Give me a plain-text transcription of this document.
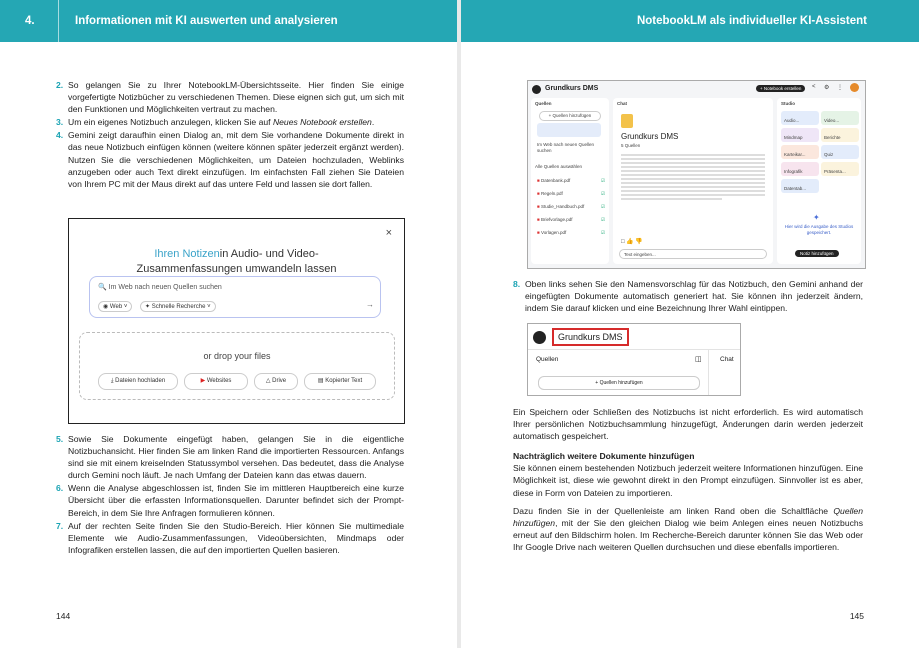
4.	Informationen mit KI auswerten und analysieren
2. So gelangen Sie zu Ihrer NotebookLM-Übersichtsseite. Hier finden Sie einige vorgefertigte Notizbücher zu verschiedenen Themen. Diese eignen sich gut, um sich mit den Funktionen und Möglichkeiten vertraut zu machen.
3. Um ein eigenes Notizbuch anzulegen, klicken Sie auf Neues Notebook erstellen.
4. Gemini zeigt daraufhin einen Dialog an, mit dem Sie vorhandene Dokumente direkt in das neue Notizbuch einfügen können (weitere können später jederzeit ergänzt werden). Nutzen Sie die verschiedenen Möglichkeiten, um Dateien hochzuladen, Weblinks anzugeben oder auch Text direkt einzufügen. Im einfachsten Fall ziehen Sie Dateien von Ihrem PC mit der Maus direkt auf das untere Feld und lassen sie dort fallen.
×
Ihren Notizenin Audio- und Video-
Zusammenfassungen umwandeln lassen
🔍 Im Web nach neuen Quellen suchen
◉ Web ˅	✦ Schnelle Recherche ˅	→
or drop your files
⤓ Dateien hochladen	▶ Websites	△ Drive	▤ Kopierter Text
5. Sowie Sie Dokumente eingefügt haben, gelangen Sie in die eigentliche Notizbuchansicht. Hier finden Sie am linken Rand die importierten Ressourcen. Anfangs sind sie mit einem kreiselnden Statussymbol versehen. Das bedeutet, dass die Analyse durch Gemini noch läuft. Je nach Umfang der Dateien kann das etwas dauern.
6. Wenn die Analyse abgeschlossen ist, finden Sie im mittleren Hauptbereich eine kurze Übersicht über die erfassten Informationsquellen. Darunter befindet sich der Prompt-Bereich, in dem Sie Ihre Anfragen formulieren können.
7. Auf der rechten Seite finden Sie den Studio-Bereich. Hier können Sie multimediale Elemente wie Audio-Zusammenfassungen, Videoübersichten, Mindmaps oder Infografiken erstellen lassen, die auf den importierten Quellen basieren.
144
NotebookLM als individueller KI-Assistent
Grundkurs DMS	+ Notebook erstellen	< ⚙ ⋮
Quellen
+ Quellen hinzufügen
Im Web nach neuen Quellen suchen
Alle Quellen auswählen
■ Datenbank.pdf	☑
■ Regeln.pdf	☑
■ Studie_Handbuch.pdf	☑
■ Briefvorlage.pdf	☑
■ Vorlagen.pdf	☑
Chat
Grundkurs DMS
5 Quellen
□ 👍 👎
Text eingeben...
Studio
Audio...	Video...
Mindmap	Berichte
Karteikar...	Quiz
Infografik	Präsenta...
Datentab...
✦
Hier wird die Ausgabe des Studios gespeichert.
Notiz hinzufügen
8. Oben links sehen Sie den Namensvorschlag für das Notizbuch, den Gemini anhand der eingefügten Dokumente automatisch generiert hat. Sie können ihn jederzeit ändern, indem Sie darauf klicken und eine Bezeichnung Ihrer Wahl eintippen.
Grundkurs DMS
Quellen	◫	Chat
+ Quellen hinzufügen

Ein Speichern oder Schließen des Notizbuchs ist nicht erforderlich. Es wird automatisch Ihrer persönlichen Notizbuchsammlung hinzugefügt, Änderungen darin werden jederzeit automatisch gespeichert.

Nachträglich weitere Dokumente hinzufügen

Sie können einem bestehenden Notizbuch jederzeit weitere Informationen hinzufügen. Eine Möglichkeit ist, diese wie gewohnt direkt in den Prompt einzufügen. Sinnvoller ist es aber, diese in Form von Dateien zu importieren.

Dazu finden Sie in der Quellenleiste am linken Rand oben die Schaltfläche Quellen hinzufügen, mit der Sie den gleichen Dialog wie beim Anlegen eines neuen Notizbuchs erneut auf den Bildschirm holen. Im Recherche-Bereich darunter können Sie das Web oder Ihr Google Drive nach weiteren Quellen durchsuchen und diese ebenfalls importieren.

145
